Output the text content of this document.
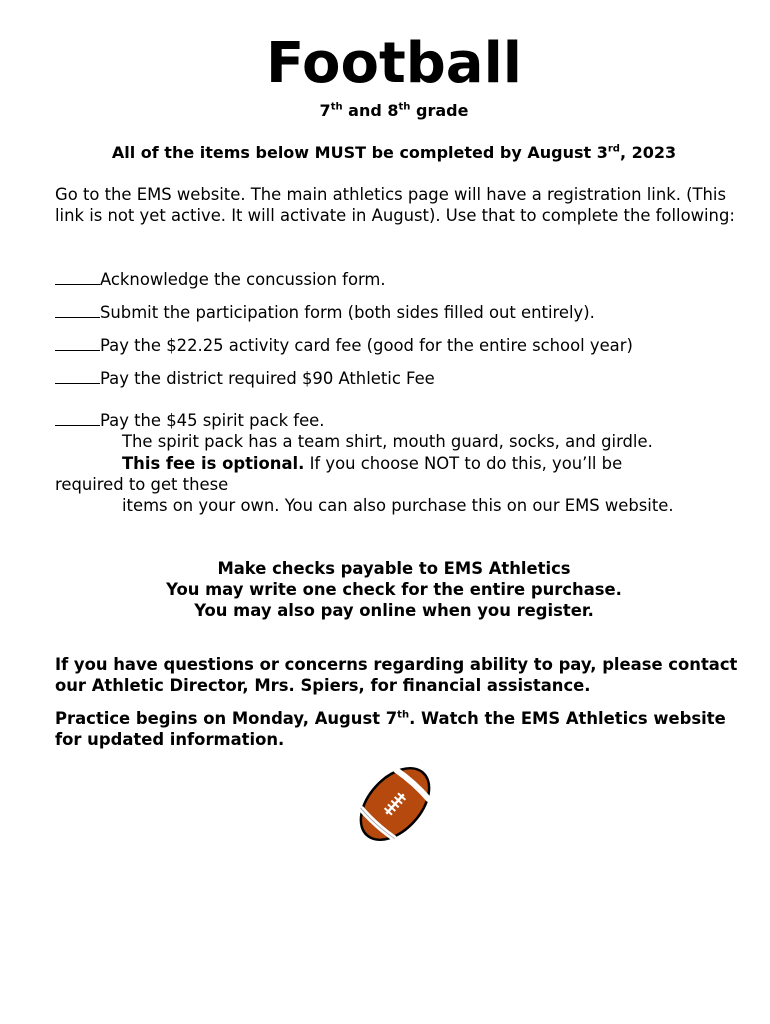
Football

7th and 8th grade

All of the items below MUST be completed by August 3rd, 2023

Go to the EMS website. The main athletics page will have a registration link. (This link is not yet active. It will activate in August). Use that to complete the following:

Acknowledge the concussion form.

Submit the participation form (both sides filled out entirely).

Pay the $22.25 activity card fee (good for the entire school year)

Pay the district required $90 Athletic Fee

Pay the $45 spirit pack fee.

The spirit pack has a team shirt, mouth guard, socks, and girdle.

This fee is optional. If you choose NOT to do this, you’ll be

required to get these

items on your own. You can also purchase this on our EMS website.

Make checks payable to EMS Athletics
You may write one check for the entire purchase.
You may also pay online when you register.

If you have questions or concerns regarding ability to pay, please contact our Athletic Director, Mrs. Spiers, for financial assistance.

Practice begins on Monday, August 7th. Watch the EMS Athletics website for updated information.
